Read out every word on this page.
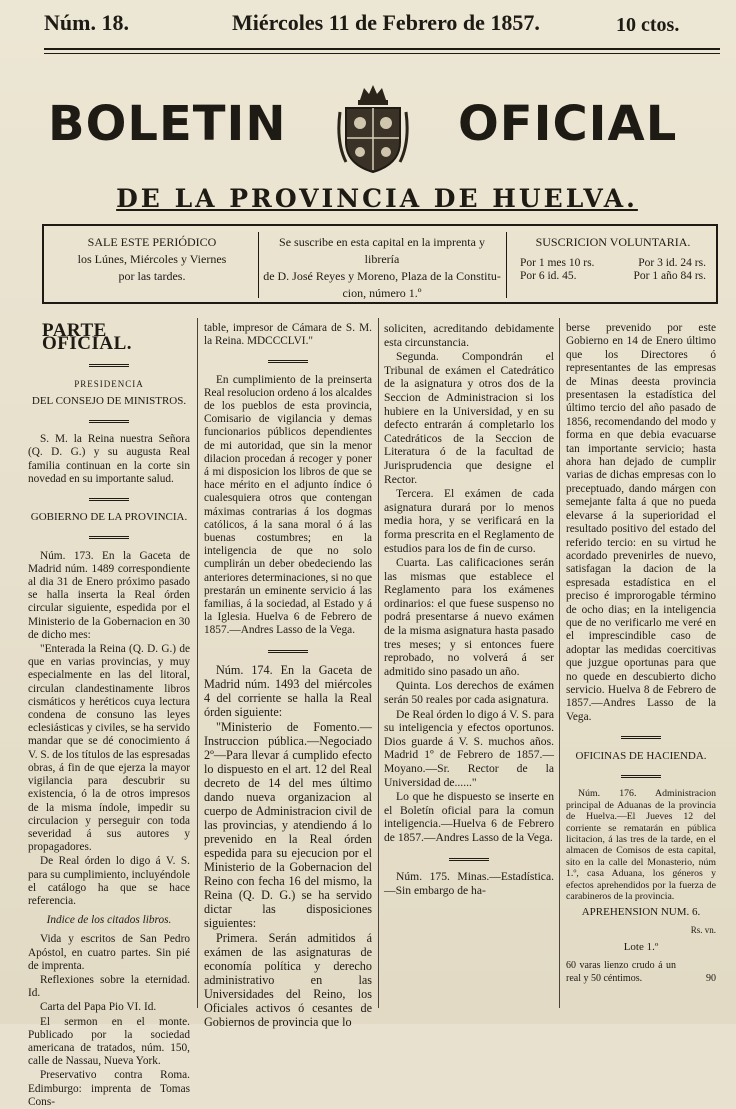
Núm. 18.	Miércoles 11 de Febrero de 1857.	10 ctos.
BOLETIN	OFICIAL
DE LA PROVINCIA DE HUELVA.
SALE ESTE PERIÓDICO
los Lúnes, Miércoles y Viernes
por las tardes.
Se suscribe en esta capital en la imprenta y librería
de D. José Reyes y Moreno, Plaza de la Constitu-
cion, número 1.º
SUSCRICION VOLUNTARIA.
Por 1 mes 10 rs.	Por 3 id. 24 rs.
Por 6 id. 45.	Por 1 año 84 rs.
PARTE OFICIAL.
PRESIDENCIA
DEL CONSEJO DE MINISTROS.

S. M. la Reina nuestra Señora (Q. D. G.) y su augusta Real familia continuan en la corte sin novedad en su importante salud.

GOBIERNO DE LA PROVINCIA.

Núm. 173. En la Gaceta de Madrid núm. 1489 correspondiente al dia 31 de Enero próximo pasado se halla inserta la Real órden circular siguiente, espedida por el Ministerio de la Gobernacion en 30 de dicho mes:

"Enterada la Reina (Q. D. G.) de que en varias provincias, y muy especialmente en las del litoral, circulan clandestinamente libros cismáticos y heréticos cuya lectura condena de consuno las leyes eclesiásticas y civiles, se ha servido mandar que se dé conocimiento á V. S. de los títulos de las espresadas obras, á fin de que ejerza la mayor vigilancia para descubrir su existencia, ó la de otros impresos de la misma índole, impedir su circulacion y perseguir con toda severidad á sus autores y propagadores.

De Real órden lo digo á V. S. para su cumplimiento, incluyéndole el catálogo ha que se hace referencia.

Indice de los citados libros.

Vida y escritos de San Pedro Apóstol, en cuatro partes. Sin pié de imprenta.

Reflexiones sobre la eternidad. Id.

Carta del Papa Pio VI. Id.

El sermon en el monte. Publicado por la sociedad americana de tratados, núm. 150, calle de Nassau, Nueva York.

Preservativo contra Roma. Edimburgo: imprenta de Tomas Cons-

table, impresor de Cámara de S. M. la Reina. MDCCCLVI."

En cumplimiento de la preinserta Real resolucion ordeno á los alcaldes de los pueblos de esta provincia, Comisario de vigilancia y demas funcionarios públicos dependientes de mi autoridad, que sin la menor dilacion procedan á recoger y poner á mi disposicion los libros de que se hace mérito en el adjunto índice ó cualesquiera otros que contengan máximas contrarias á los dogmas católicos, á la sana moral ó á las buenas costumbres; en la inteligencia de que no solo cumplirán un deber obedeciendo las anteriores determinaciones, si no que prestarán un eminente servicio á las familias, á la sociedad, al Estado y á la Iglesia. Huelva 6 de Febrero de 1857.—Andres Lasso de la Vega.

Núm. 174. En la Gaceta de Madrid núm. 1493 del miércoles 4 del corriente se halla la Real órden siguiente:

"Ministerio de Fomento.—Instruccion pública.—Negociado 2º—Para llevar á cumplido efecto lo dispuesto en el art. 12 del Real decreto de 14 del mes último dando nueva organizacion al cuerpo de Administracion civil de las provincias, y atendiendo á lo prevenido en la Real órden espedida para su ejecucion por el Ministerio de la Gobernacion del Reino con fecha 16 del mismo, la Reina (Q. D. G.) se ha servido dictar las disposiciones siguientes:

Primera. Serán admitidos á exámen de las asignaturas de economía política y derecho administrativo en las Universidades del Reino, los Oficiales activos ó cesantes de Gobiernos de provincia que lo

soliciten, acreditando debidamente esta circunstancia.

Segunda. Compondrán el Tribunal de exámen el Catedrático de la asignatura y otros dos de la Seccion de Administracion si los hubiere en la Universidad, y en su defecto entrarán á completarlo los Catedráticos de la Seccion de Literatura ó de la facultad de Jurisprudencia que designe el Rector.

Tercera. El exámen de cada asignatura durará por lo menos media hora, y se verificará en la forma prescrita en el Reglamento de estudios para los de fin de curso.

Cuarta. Las calificaciones serán las mismas que establece el Reglamento para los exámenes ordinarios: el que fuese suspenso no podrá presentarse á nuevo exámen de la misma asignatura hasta pasado tres meses; y si entonces fuere reprobado, no volverá á ser admitido sino pasado un año.

Quinta. Los derechos de exámen serán 50 reales por cada asignatura.

De Real órden lo digo á V. S. para su inteligencia y efectos oportunos. Dios guarde á V. S. muchos años. Madrid 1º de Febrero de 1857.—Moyano.—Sr. Rector de la Universidad de......"

Lo que he dispuesto se inserte en el Boletín oficial para la comun inteligencia.—Huelva 6 de Febrero de 1857.—Andres Lasso de la Vega.

Núm. 175. Minas.—Estadística.—Sin embargo de ha-

berse prevenido por este Gobierno en 14 de Enero último que los Directores ó representantes de las empresas de Minas deesta provincia presentasen la estadística del último tercio del año pasado de 1856, recomendando del modo y forma en que debia evacuarse tan importante servicio; hasta ahora han dejado de cumplir varias de dichas empresas con lo preceptuado, dando márgen con semejante falta á que no pueda elevarse á la superioridad el resultado positivo del estado del referido tercio: en su virtud he acordado prevenirles de nuevo, satisfagan la dacion de la espresada estadística en el preciso é improrogable término de ocho dias; en la inteligencia que de no verificarlo me veré en el imprescindible caso de adoptar las medidas coercitivas que juzgue oportunas para que no quede en descubierto dicho servicio. Huelva 8 de Febrero de 1857.—Andres Lasso de la Vega.

OFICINAS DE HACIENDA.

Núm. 176. Administracion principal de Aduanas de la provincia de Huelva.—El Jueves 12 del corriente se rematarán en pública licitacion, á las tres de la tarde, en el almacen de Comisos de esta capital, sito en la calle del Monasterio, núm 1.º, casa Aduana, los géneros y efectos aprehendidos por la fuerza de carabineros de la provincia.

APREHENSION NUM. 6.
Rs. vn.
Lote 1.º
60 varas lienzo crudo á un real y 50 céntimos.	90
